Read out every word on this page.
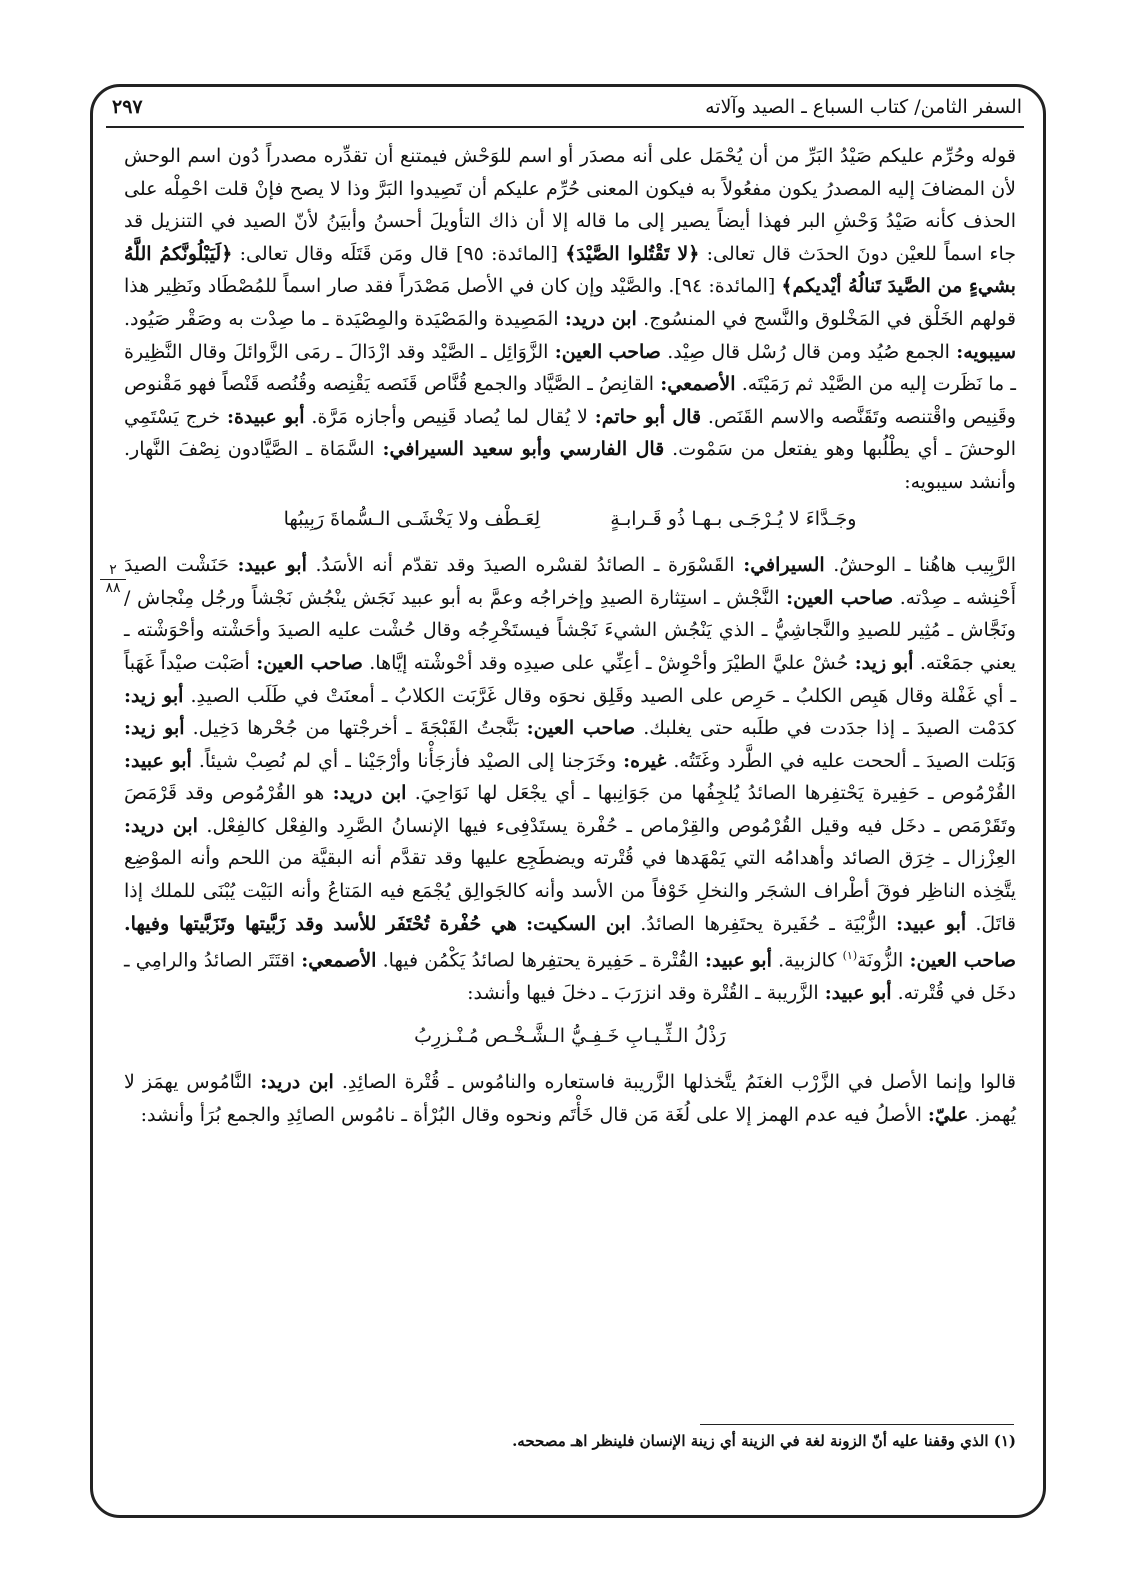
السفر الثامن/ كتاب السباع ـ الصيد وآلاته
٢٩٧
٢
٨٨

قوله وحُرِّم عليكم صَيْدُ البَرِّ من أن يُحْمَل على أنه مصدَر أو اسم للوَحْش فيمتنع أن تقدِّره مصدراً دُون اسم الوحش لأن المضافَ إليه المصدرُ يكون مفعُولاً به فيكون المعنى حُرِّم عليكم أن تَصِيدوا البَرَّ وذا لا يصح فإنْ قلت احْمِلْه على الحذف كأنه صَيْدُ وَحْشِ البر فهذا أيضاً يصير إلى ما قاله إلا أن ذاك التأويلَ أحسنُ وأبيَنُ لأنّ الصيد في التنزيل قد جاء اسماً للعيْن دونَ الحدَث قال تعالى: ﴿لا تَقْتُلوا الصَّيْدَ﴾ [المائدة: ٩٥] قال ومَن قَتَلَه وقال تعالى: ﴿لَيَبْلُونَّكمُ اللَّهُ بشيءٍ من الصَّيدَ تَنالُهُ أيْديكم﴾ [المائدة: ٩٤]. والصَّيْد وإن كان في الأصل مَصْدَراً فقد صار اسماً للمُصْطَاد ونَظِير هذا قولهم الخَلْق في المَخْلوق والنَّسج في المنسُوج. ابن دريد: المَصِيدة والمَصْيَدة والمِصْيَدة ـ ما صِدْت به وصَقْر صَيُود. سيبويه: الجمع صُيُد ومن قال رُسْل قال صِيْد. صاحب العين: الزَّوَائِل ـ الصَّيْد وقد ازْدَالَ ـ رمَى الزَّوائلَ وقال النَّظِيرة ـ ما نَظَرت إليه من الصَّيْد ثم رَمَيْتَه. الأصمعي: القانِصُ ـ الصَّيَّاد والجمع قُنَّاص قَنَصه يَقْنِصه وقُنُصه قَنْصاً فهو مَقْنوص وقَنِيص واقْتنصه وتَقَنَّصه والاسم القَنَص. قال أبو حاتم: لا يُقال لما يُصاد قَنِيص وأجازه مَرَّة. أبو عبيدة: خرج يَسْتَمِي الوحشَ ـ أي يطْلُبها وهو يفتعل من سَمْوت. قال الفارسي وأبو سعيد السيرافي: السَّمَاة ـ الصَّيَّادون نِصْفَ النَّهار. وأنشد سيبويه:

وجَـدَّاءَ لا يُـرْجَـى بـهـا ذُو قَـرابـةٍ
لِعَـطْف ولا يَخْشَـى الـسُّماةَ رَبِيبُها

الرَّبِيب هاهُنا ـ الوحشُ. السيرافي: القَسْوَرة ـ الصائدُ لقسْره الصيدَ وقد تقدّم أنه الأسَدُ. أبو عبيد: حَنَشْت الصيدَ أَحْنِشه ـ صِدْته. صاحب العين: النَّجْش ـ استِثارة الصيدِ وإخراجُه وعمَّ به أبو عبيد نَجَش ينْجُش نَجْشاً ورجُل مِنْجاش / ونَجَّاش ـ مُثِير للصيدِ والنَّجاشِيُّ ـ الذي يَنْجُش الشيءَ نَجْشاً فيستَخْرِجُه وقال حُشْت عليه الصيدَ وأحَشْته وأحْوَشْته ـ يعني جمَعْته. أبو زيد: حُشْ عليَّ الطيْرَ وأحْوِشْ ـ أعِنِّي على صيدِه وقد أحْوشْته إيَّاها. صاحب العين: أصَبْت صيْداً غَهَباً ـ أي غَفْلة وقال هَبِص الكلبُ ـ حَرِص على الصيد وقَلِق نحوَه وقال غَرَّبَت الكلابُ ـ أمعنَتْ في طَلَب الصيدِ. أبو زيد: كدَمْت الصيدَ ـ إذا جدَدت في طلَبه حتى يغلبك. صاحب العين: بَنَّجتُ القَبْجَةَ ـ أخرجْتها من جُحْرها دَخِيل. أبو زيد: وَبَلت الصيدَ ـ ألححت عليه في الطَّرد وغَتَتُه. غيره: وخَرَجنا إلى الصيْد فأزجَأْنا وأرْجَيْنا ـ أي لم نُصِبْ شيئاً. أبو عبيد: القُرْمُوص ـ حَفِيرة يَحْتفِرها الصائدُ يُلجِفُها من جَوَانِبها ـ أي يجْعَل لها نَوَاحِيَ. ابن دريد: هو القُرْمُوص وقد قَرْمَصَ وتَقَرْمَص ـ دخَل فيه وقيل القُرْمُوص والقِرْماص ـ حُفْرة يستَدْفِىء فيها الإنسانُ الصَّرِد والفِعْل كالفِعْل. ابن دريد: العِزْزال ـ خِرَق الصائد وأهدامُه التي يَمْهَدها في قُتْرته ويضطَجِع عليها وقد تقدَّم أنه البقيَّة من اللحم وأنه الموْضِع يتَّخِذه الناظِر فوقَ أطْراف الشجَر والنخلِ خَوْفاً من الأسد وأنه كالجَوالِق يُجْمَع فيه المَتاعُ وأنه البَيْت يُبْنَى للملك إذا قاتَلَ. أبو عبيد: الزُّبْيَة ـ حُفَيرة يحتَفِرها الصائدُ. ابن السكيت: هي حُفْرة تُحْتَفَر للأسد وقد زَبَّيتها وتَزَبَّيتها وفيها. صاحب العين: الزُّونَة$^{(١)}$ كالزبية. أبو عبيد: القُتْرة ـ حَفِيرة يحتفِرها لصائدُ يَكْمُن فيها. الأصمعي: اقتَتَر الصائدُ والرامِي ـ دخَل في قُتْرته. أبو عبيد: الزَّريبة ـ القُتْرة وقد انزرَبَ ـ دخلَ فيها وأنشد:

رَذْلُ الـثِّـيـابِ خَـفِـيُّ الـشَّـخْـص مُـنْـزرِبُ

قالوا وإنما الأصل في الزَّرْب الغنَمُ يتَّخذلها الزَّريبة فاستعاره والنامُوس ـ قُتْرة الصائِدِ. ابن دريد: النَّامُوس يهمَز لا يُهمز. عليّ: الأصلُ فيه عدم الهمز إلا على لُغَة مَن قال خَأْتَم ونحوه وقال البُرْأة ـ نامُوس الصائِدِ والجمع بُرَأ وأنشد:

(١) الذي وقفنا عليه أنّ الزونة لغة في الزينة أي زينة الإنسان فلينظر اهـ مصححه.
